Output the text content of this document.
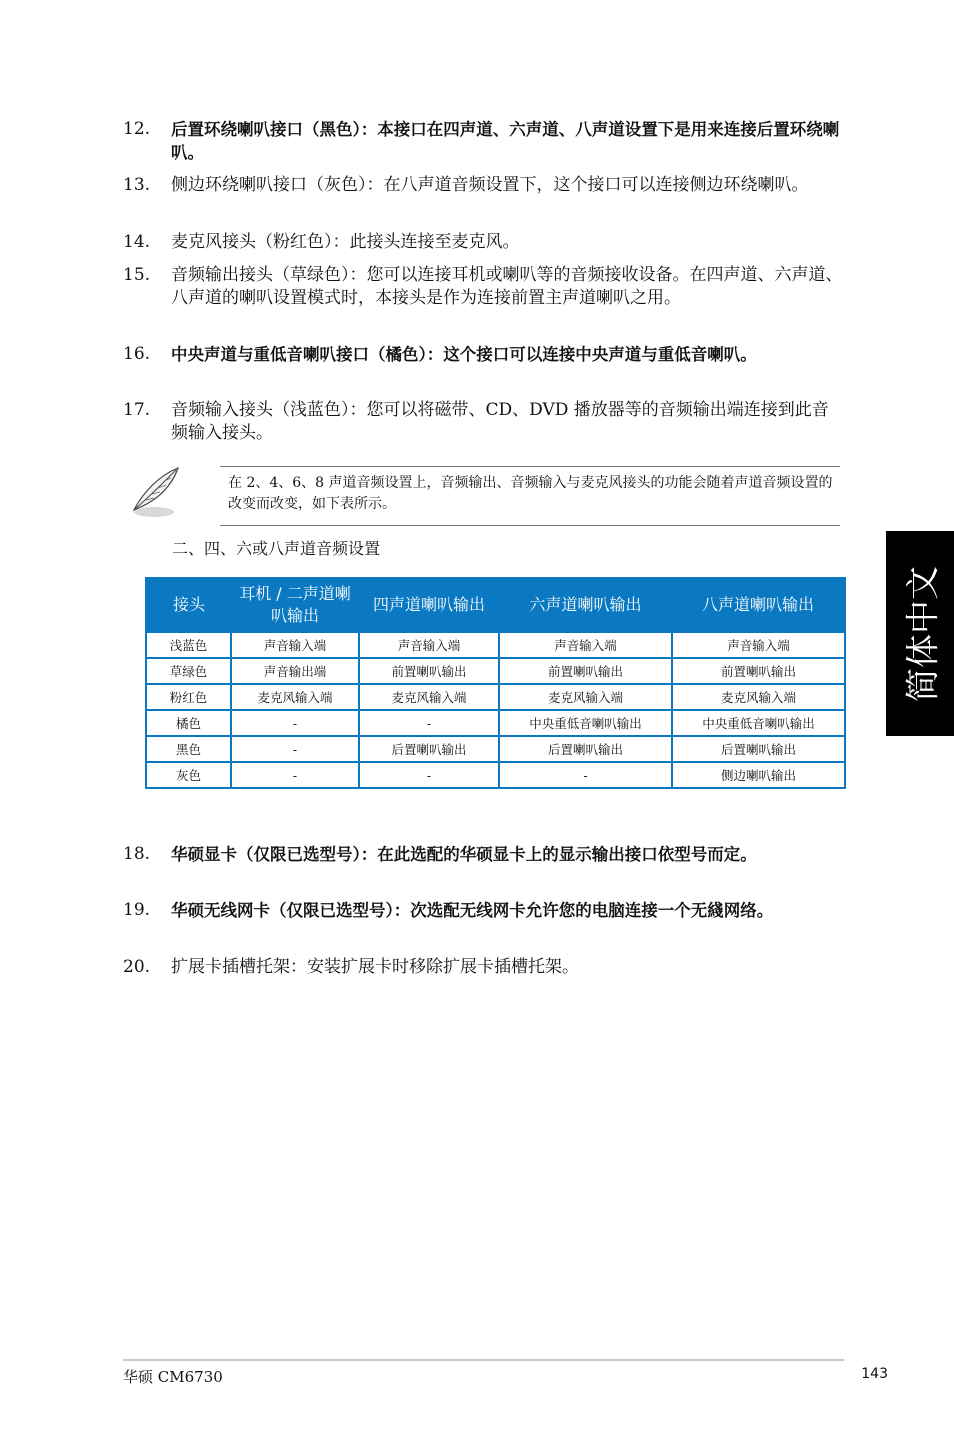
12.	后置环绕喇叭接口（黑色）：本接口在四声道、六声道、八声道设置下是用来连接后置环绕喇叭。
13.	侧边环绕喇叭接口（灰色）：在八声道音频设置下，这个接口可以连接侧边环绕喇叭。
14.	麦克风接头（粉红色）：此接头连接至麦克风。
15.	音频输出接头（草绿色）：您可以连接耳机或喇叭等的音频接收设备。在四声道、六声道、八声道的喇叭设置模式时，本接头是作为连接前置主声道喇叭之用。
16.	中央声道与重低音喇叭接口（橘色）：这个接口可以连接中央声道与重低音喇叭。
17.	音频输入接头（浅蓝色）：您可以将磁带、CD、DVD 播放器等的音频输出端连接到此音频输入接头。
在 2、4、6、8 声道音频设置上，音频输出、音频输入与麦克风接头的功能会随着声道音频设置的改变而改变，如下表所示。
二、四、六或八声道音频设置
接头	耳机 / 二声道喇叭输出	四声道喇叭输出	六声道喇叭输出	八声道喇叭输出
浅蓝色	声音输入端	声音输入端	声音输入端	声音输入端
草绿色	声音输出端	前置喇叭输出	前置喇叭输出	前置喇叭输出
粉红色	麦克风输入端	麦克风输入端	麦克风输入端	麦克风输入端
橘色	-	-	中央重低音喇叭输出	中央重低音喇叭输出
黑色	-	后置喇叭输出	后置喇叭输出	后置喇叭输出
灰色	-	-	-	侧边喇叭输出
18.	华硕显卡（仅限已选型号）：在此选配的华硕显卡上的显示输出接口依型号而定。
19.	华硕无线网卡（仅限已选型号）：次选配无线网卡允许您的电脑连接一个无綫网络。
20.	扩展卡插槽托架：安装扩展卡时移除扩展卡插槽托架。
简体中文
华硕 CM6730	143
